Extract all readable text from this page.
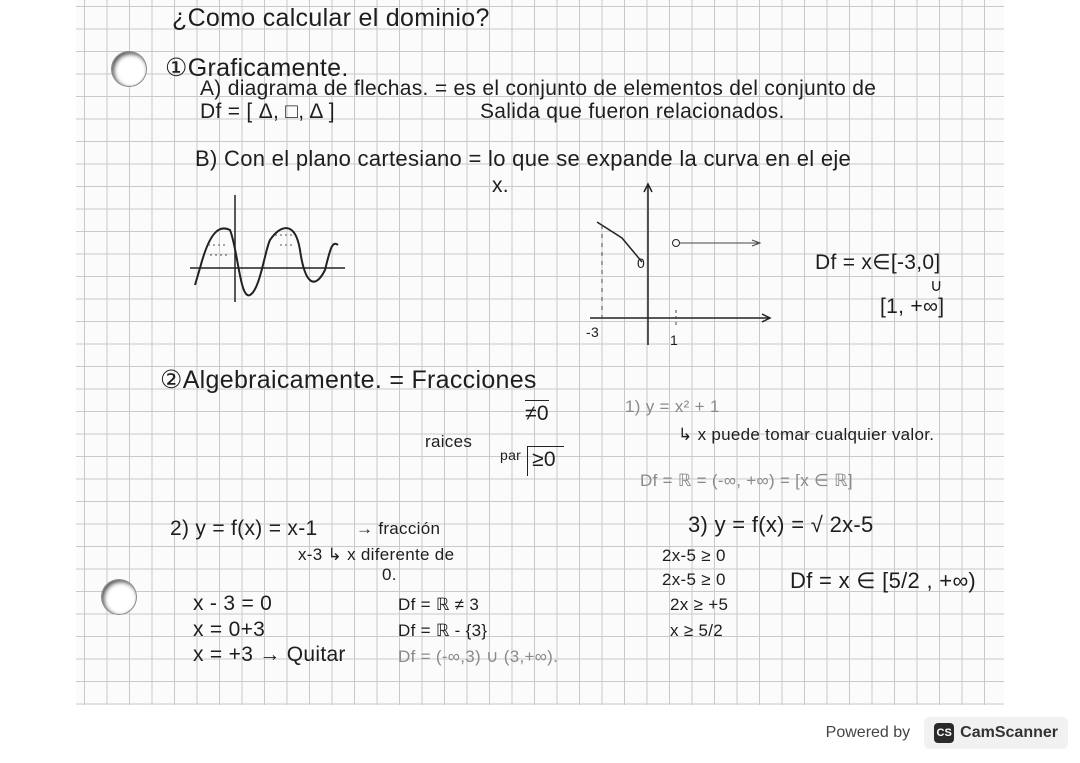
¿Como calcular el dominio?
①Graficamente.
A) diagrama de flechas. = es el conjunto de elementos del conjunto de
Df = [ Δ, □, Δ ]	Salida que fueron relacionados.
B) Con el plano cartesiano = lo que se expande la curva en el eje
x.
-3	1
0	Df = x∈[-3,0]
∪
[1, +∞]
②Algebraicamente. = Fracciones
≠0
raices
par ≥0
1) y = x² + 1
↳ x puede tomar cualquier valor.
Df = ℝ = (-∞, +∞) = [x ∈ ℝ]
2) y = f(x) = x-1 → fracción
x-3 ↳ x diferente de
0.
x - 3 = 0
x = 0+3
x = +3 → Quitar
Df = ℝ ≠ 3
Df = ℝ - {3}
Df = (-∞,3) ∪ (3,+∞).
3) y = f(x) = √ 2x-5
2x-5 ≥ 0
2x-5 ≥ 0
2x ≥ +5
x ≥ 5/2
Df = x ∈ [5/2 , +∞)
Powered by CS CamScanner
